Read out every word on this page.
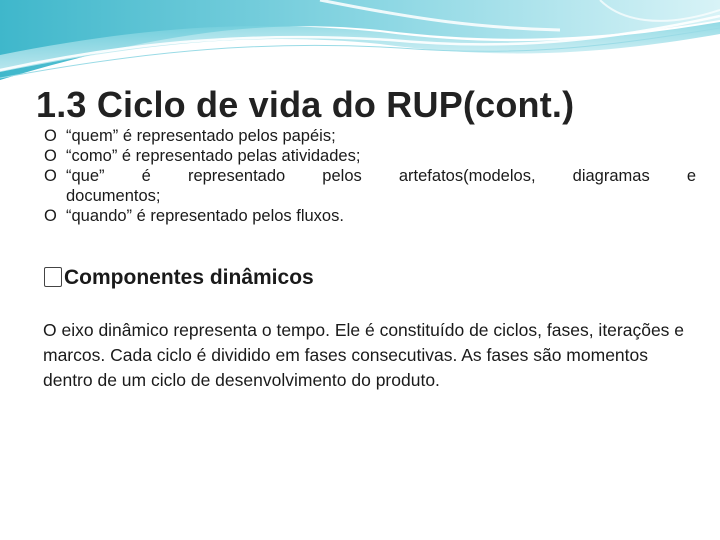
1.3 Ciclo de vida do RUP(cont.)
O “quem” é representado pelos papéis;
O “como” é representado pelas atividades;
O “que” é representado pelos artefatos(modelos, diagramas e
documentos;
O “quando” é representado pelos fluxos.
Componentes dinâmicos

O eixo dinâmico representa o tempo. Ele é constituído de ciclos, fases, iterações e marcos. Cada ciclo é dividido em fases consecutivas. As fases são momentos dentro de um ciclo de desenvolvimento do produto.
